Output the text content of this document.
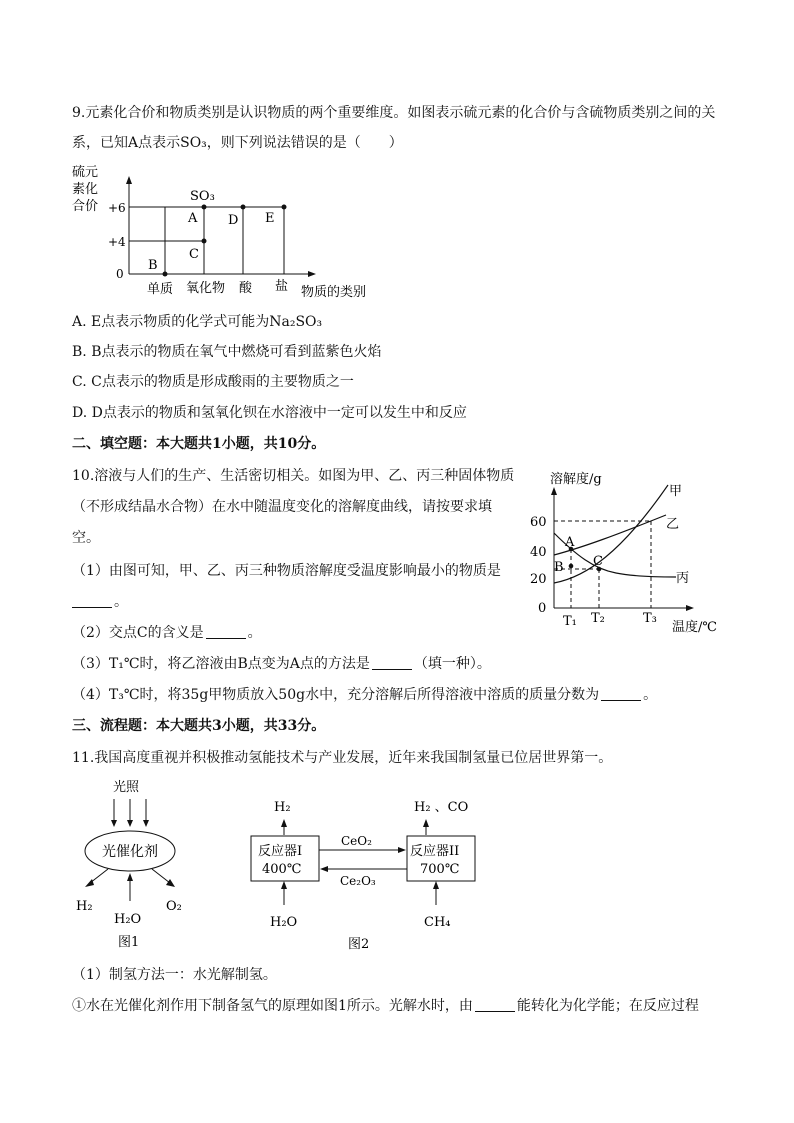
9.元素化合价和物质类别是认识物质的两个重要维度。如图表示硫元素的化合价与含硫物质类别之间的关
系，已知A点表示SO₃，则下列说法错误的是（　　）
硫元
素化
合价 +6
+4
0
SO₃
A
B
C
D E
单质 氧化物 酸 盐 物质的类别
A. E点表示物质的化学式可能为Na₂SO₃
B. B点表示的物质在氧气中燃烧可看到蓝紫色火焰
C. C点表示的物质是形成酸雨的主要物质之一
D. D点表示的物质和氢氧化钡在水溶液中一定可以发生中和反应
二、填空题：本大题共1小题，共10分。
10.溶液与人们的生产、生活密切相关。如图为甲、乙、丙三种固体物质
（不形成结晶水合物）在水中随温度变化的溶解度曲线，请按要求填
空。
（1）由图可知，甲、乙、丙三种物质溶解度受温度影响最小的物质是
。
（2）交点C的含义是	。
（3）T₁℃时，将乙溶液由B点变为A点的方法是	（填一种）。
（4）T₃℃时，将35g甲物质放入50g水中，充分溶解后所得溶液中溶质的质量分数为	。
溶解度/g
60
40
20
0
A
B C
甲
乙
丙
T₁ T₂	T₃
温度/℃
三、流程题：本大题共3小题，共33分。
11.我国高度重视并积极推动氢能技术与产业发展，近年来我国制氢量已位居世界第一。
光照
光催化剂
H₂
H₂O
O₂
图1
H₂	H₂ 、CO
反应器I
400℃
反应器II
700℃
CeO₂
Ce₂O₃
H₂O	CH₄
图2
（1）制氢方法一：水光解制氢。
①水在光催化剂作用下制备氢气的原理如图1所示。光解水时，由	能转化为化学能；在反应过程
